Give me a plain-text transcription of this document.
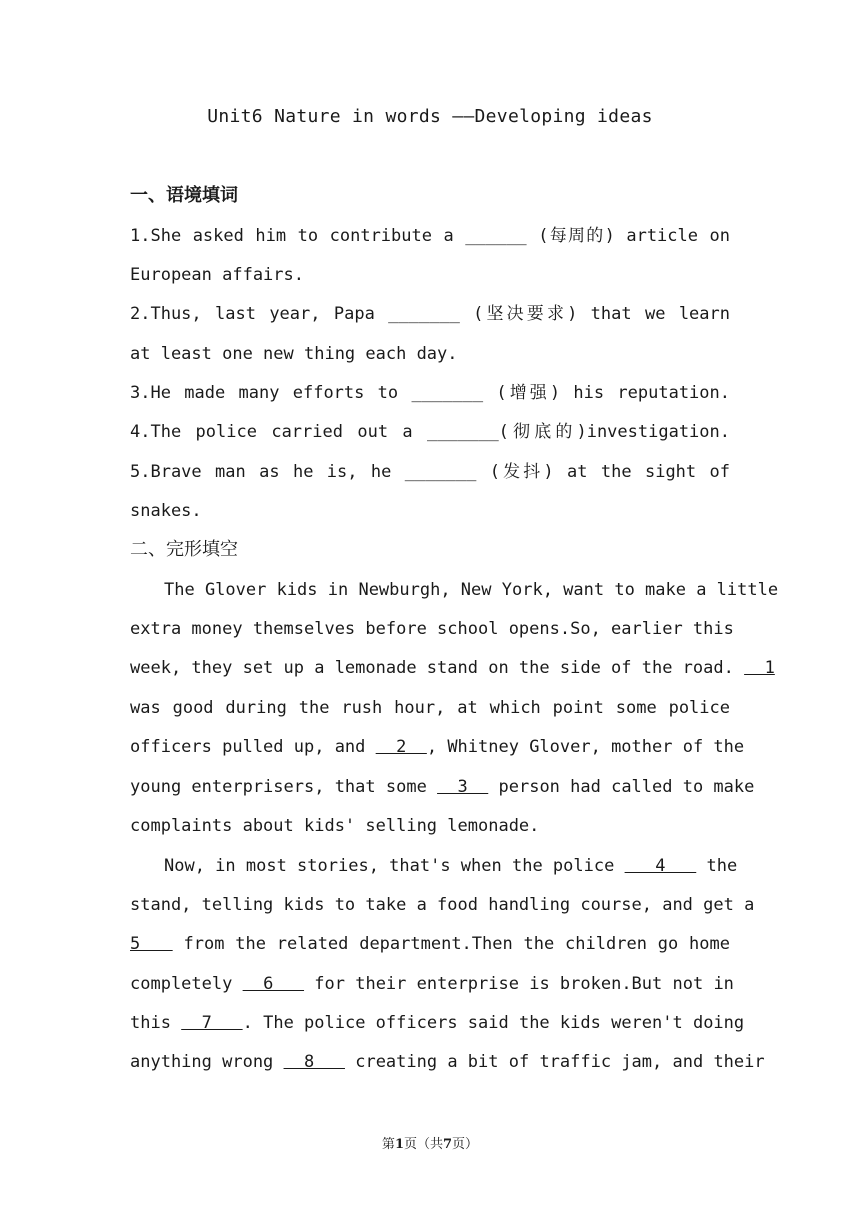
Unit6 Nature in words ——Developing ideas
一、语境填词
1.She asked him to contribute a ______ (每周的) article on
European affairs.
2.Thus, last year, Papa _______ (坚决要求) that we learn
at least one new thing each day.
3.He made many efforts to _______ (增强) his reputation.
4.The police carried out a _______(彻底的)investigation.
5.Brave man as he is, he _______ (发抖) at the sight of
snakes.
二、完形填空
The Glover kids in Newburgh, New York, want to make a little
extra money themselves before school opens.So, earlier this
week, they set up a lemonade stand on the side of the road.   1
was good during the rush hour, at which point some police
officers pulled up, and   2  , Whitney Glover, mother of the
young enterprisers, that some   3   person had called to make
complaints about kids' selling lemonade.
Now, in most stories, that's when the police    4    the
stand, telling kids to take a food handling course, and get a
5    from the related department.Then the children go home
completely   6    for their enterprise is broken.But not in
this   7   . The police officers said the kids weren't doing
anything wrong   8    creating a bit of traffic jam, and their
第1页（共7页）
